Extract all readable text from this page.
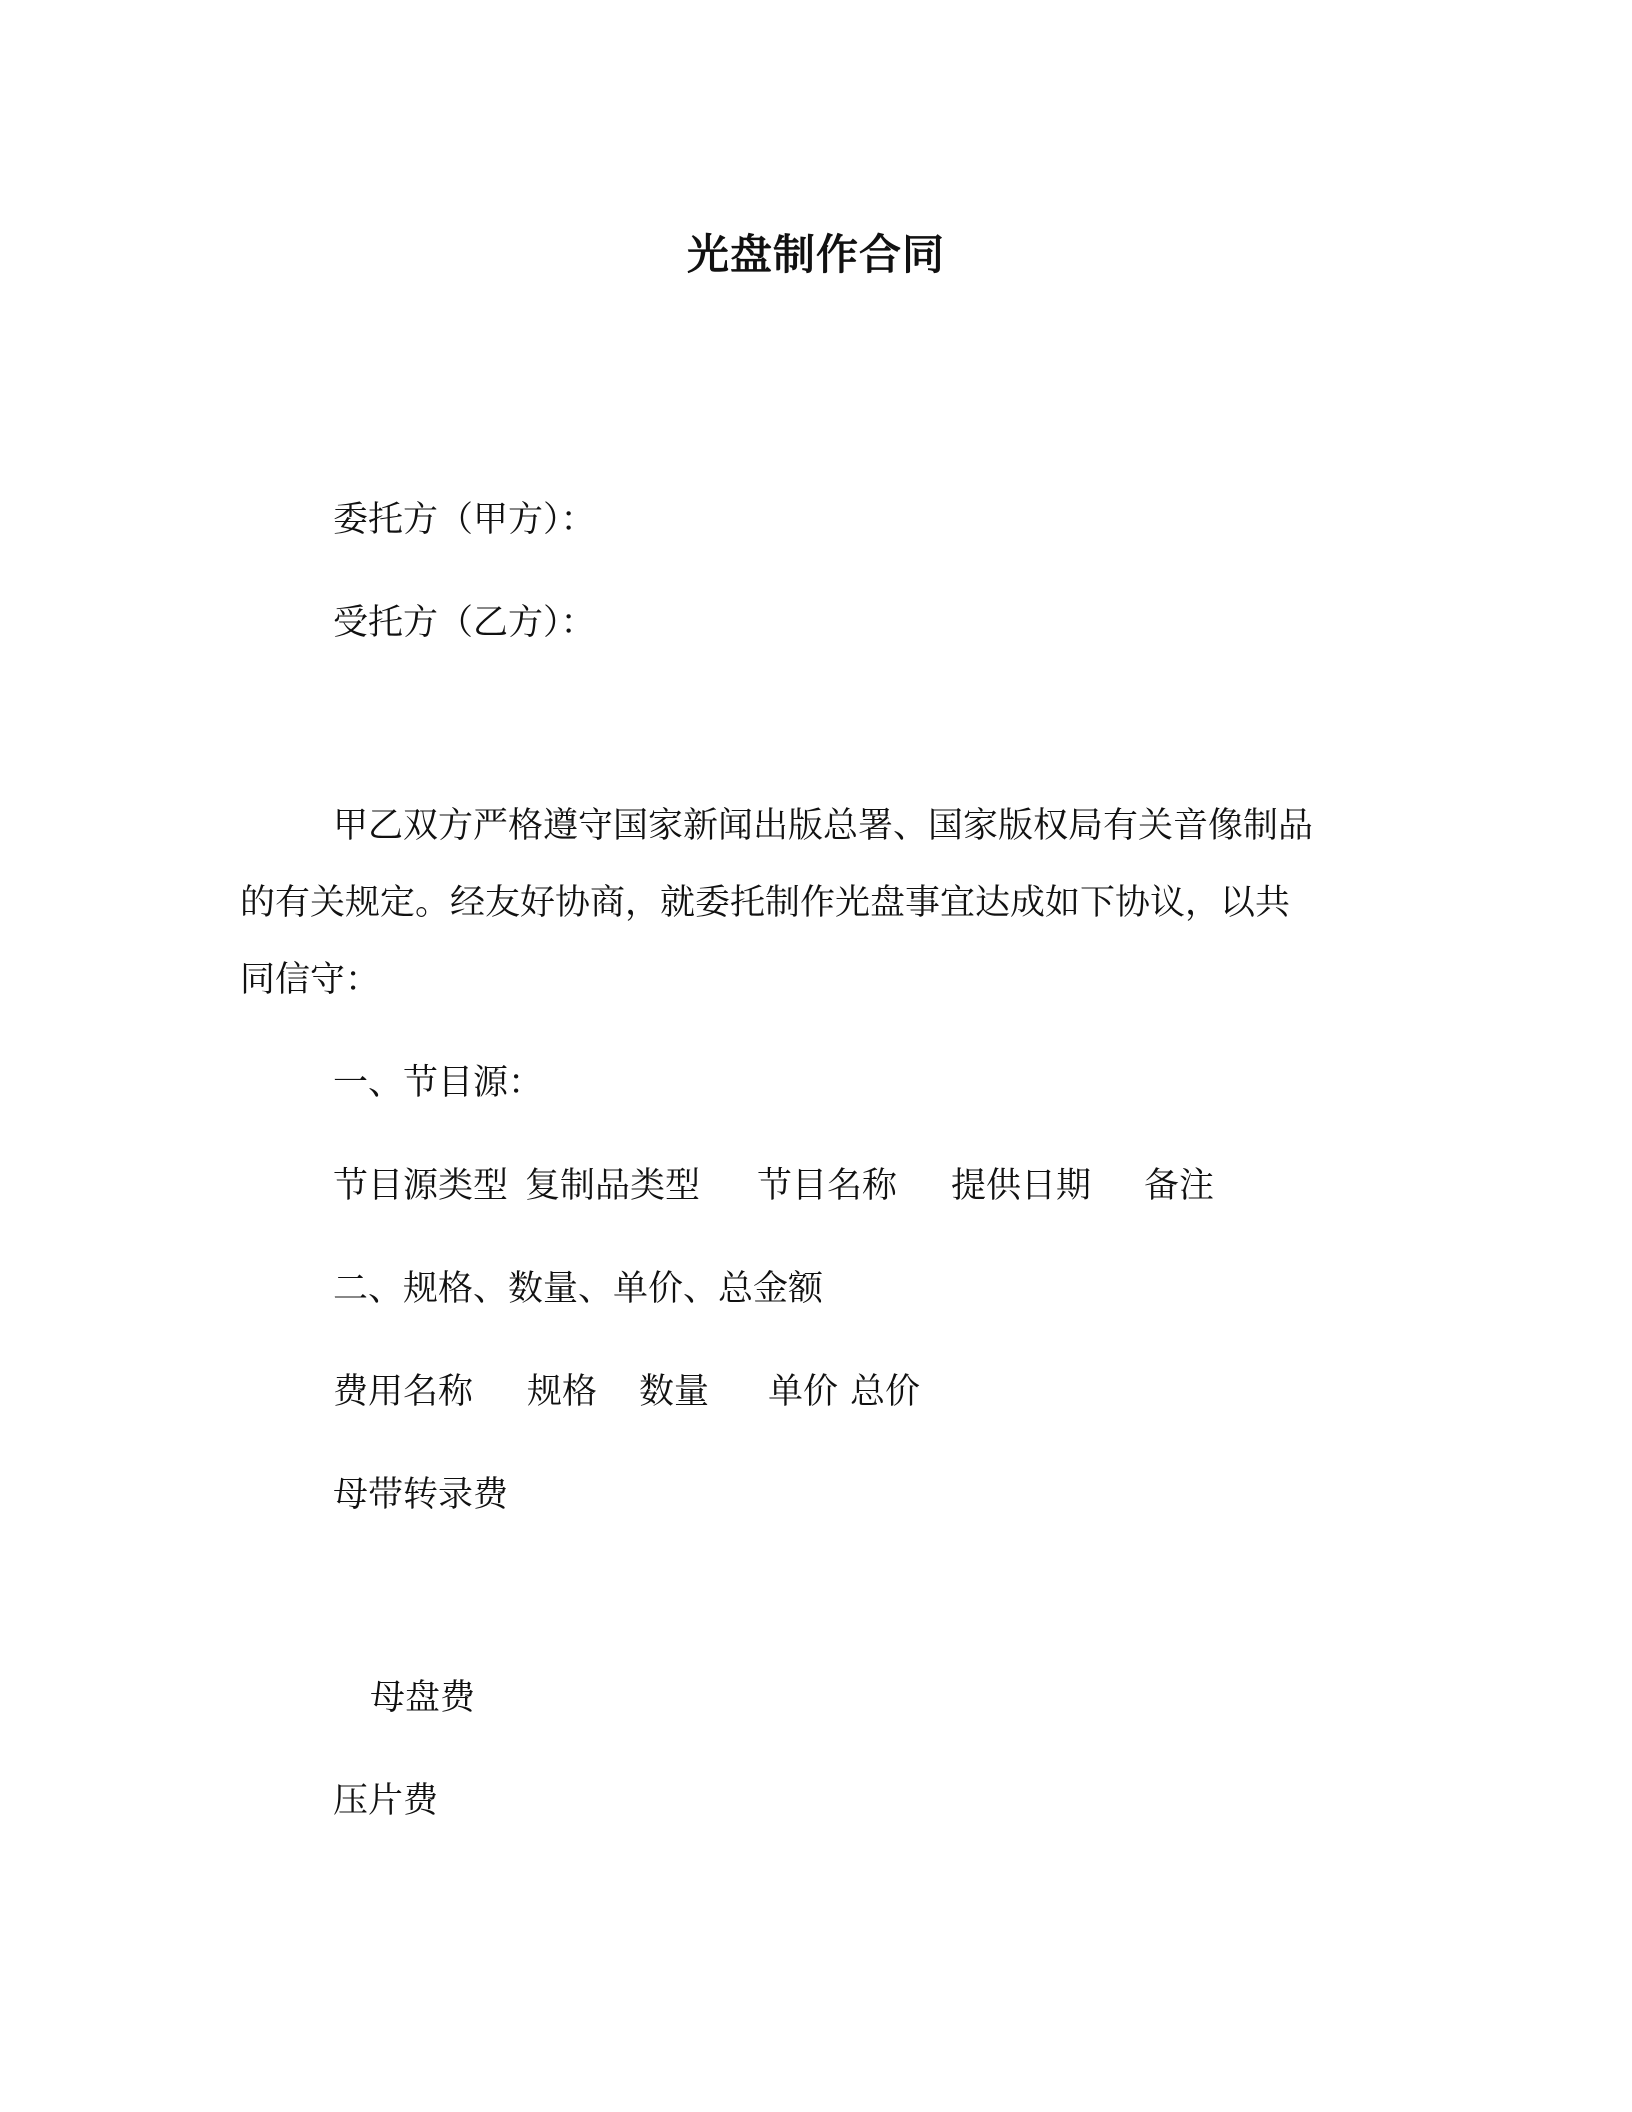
光盘制作合同
委托方（甲方）：
受托方（乙方）：
甲乙双方严格遵守国家新闻出版总署、国家版权局有关音像制品
的有关规定。经友好协商，就委托制作光盘事宜达成如下协议，以共
同信守：
一、节目源：
节目源类型 复制品类型 节目名称 提供日期 备注
二、规格、数量、单价、总金额
费用名称 规格 数量 单价 总价
母带转录费
母盘费
压片费
